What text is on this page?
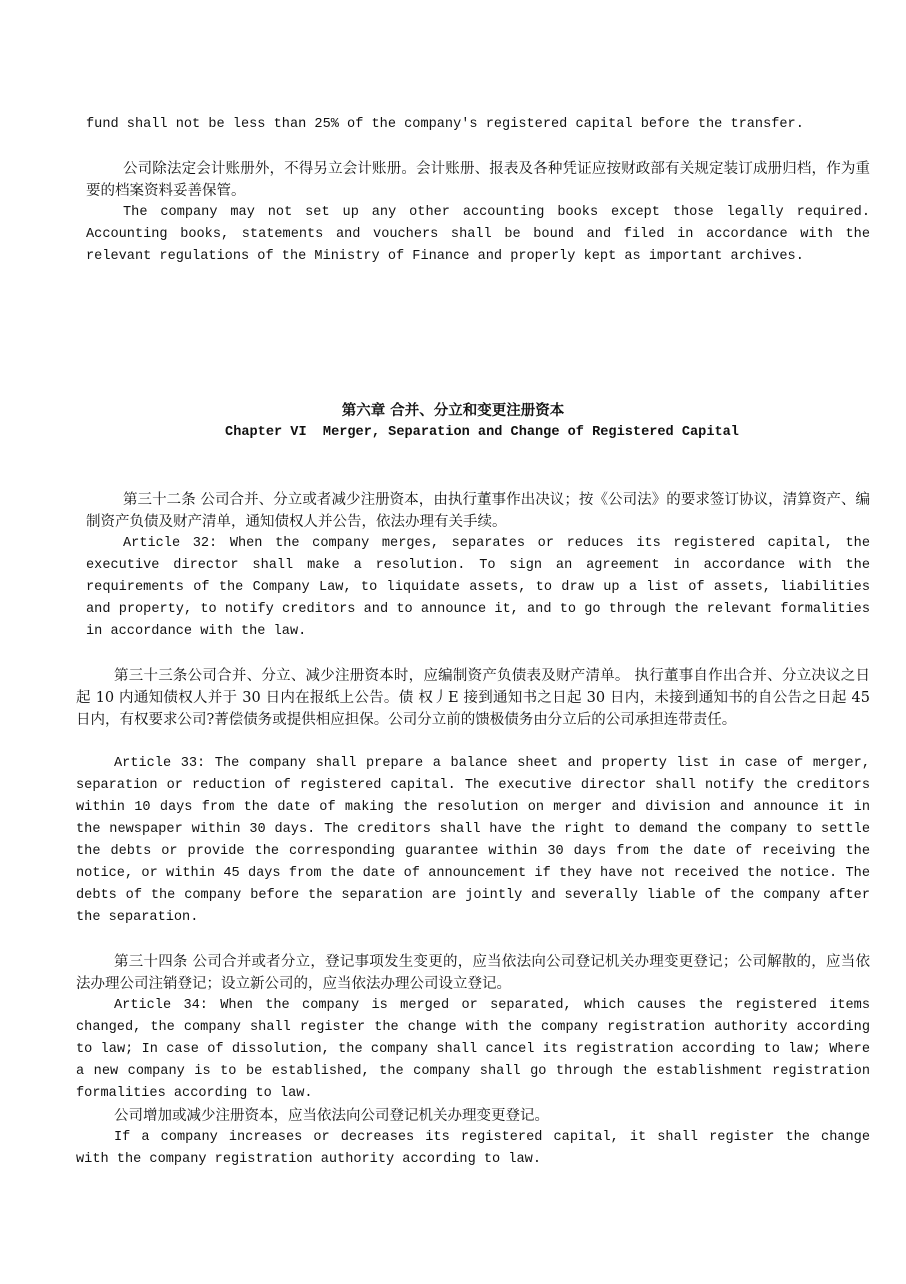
fund shall not be less than 25% of the company's registered capital before the transfer.
公司除法定会计账册外，不得另立会计账册。会计账册、报表及各种凭证应按财政部有关规定装订成册归档，作为重要的档案资料妥善保管。
The company may not set up any other accounting books except those legally required. Accounting books, statements and vouchers shall be bound and filed in accordance with the relevant regulations of the Ministry of Finance and properly kept as important archives.
第六章 合并、分立和变更注册资本
Chapter VI  Merger, Separation and Change of Registered Capital
第三十二条 公司合并、分立或者减少注册资本，由执行董事作出决议；按《公司法》的要求签订协议，清算资产、编制资产负债及财产清单，通知债权人并公告，依法办理有关手续。
Article 32: When the company merges, separates or reduces its registered capital, the executive director shall make a resolution. To sign an agreement in accordance with the requirements of the Company Law, to liquidate assets, to draw up a list of assets, liabilities and property, to notify creditors and to announce it, and to go through the relevant formalities in accordance with the law.
第三十三条公司合并、分立、减少注册资本时，应编制资产负债表及财产清单。 执行董事自作出合并、分立决议之日起 10 内通知债权人并于 30 日内在报纸上公告。债 权丿E 接到通知书之日起 30 日内，未接到通知书的自公告之日起 45 日内，有权要求公司?菁偿债务或提供相应担保。公司分立前的馈极债务由分立后的公司承担连带责任。
Article 33: The company shall prepare a balance sheet and property list in case of merger, separation or reduction of registered capital. The executive director shall notify the creditors within 10 days from the date of making the resolution on merger and division and announce it in the newspaper within 30 days. The creditors shall have the right to demand the company to settle the debts or provide the corresponding guarantee within 30 days from the date of receiving the notice, or within 45 days from the date of announcement if they have not received the notice. The debts of the company before the separation are jointly and severally liable of the company after the separation.
第三十四条 公司合并或者分立，登记事项发生变更的，应当依法向公司登记机关办理变更登记；公司解散的，应当依法办理公司注销登记；设立新公司的，应当依法办理公司设立登记。
Article 34: When the company is merged or separated, which causes the registered items changed, the company shall register the change with the company registration authority according to law; In case of dissolution, the company shall cancel its registration according to law; Where a new company is to be established, the company shall go through the establishment registration formalities according to law.
公司增加或减少注册资本，应当依法向公司登记机关办理变更登记。
If a company increases or decreases its registered capital, it shall register the change with the company registration authority according to law.
